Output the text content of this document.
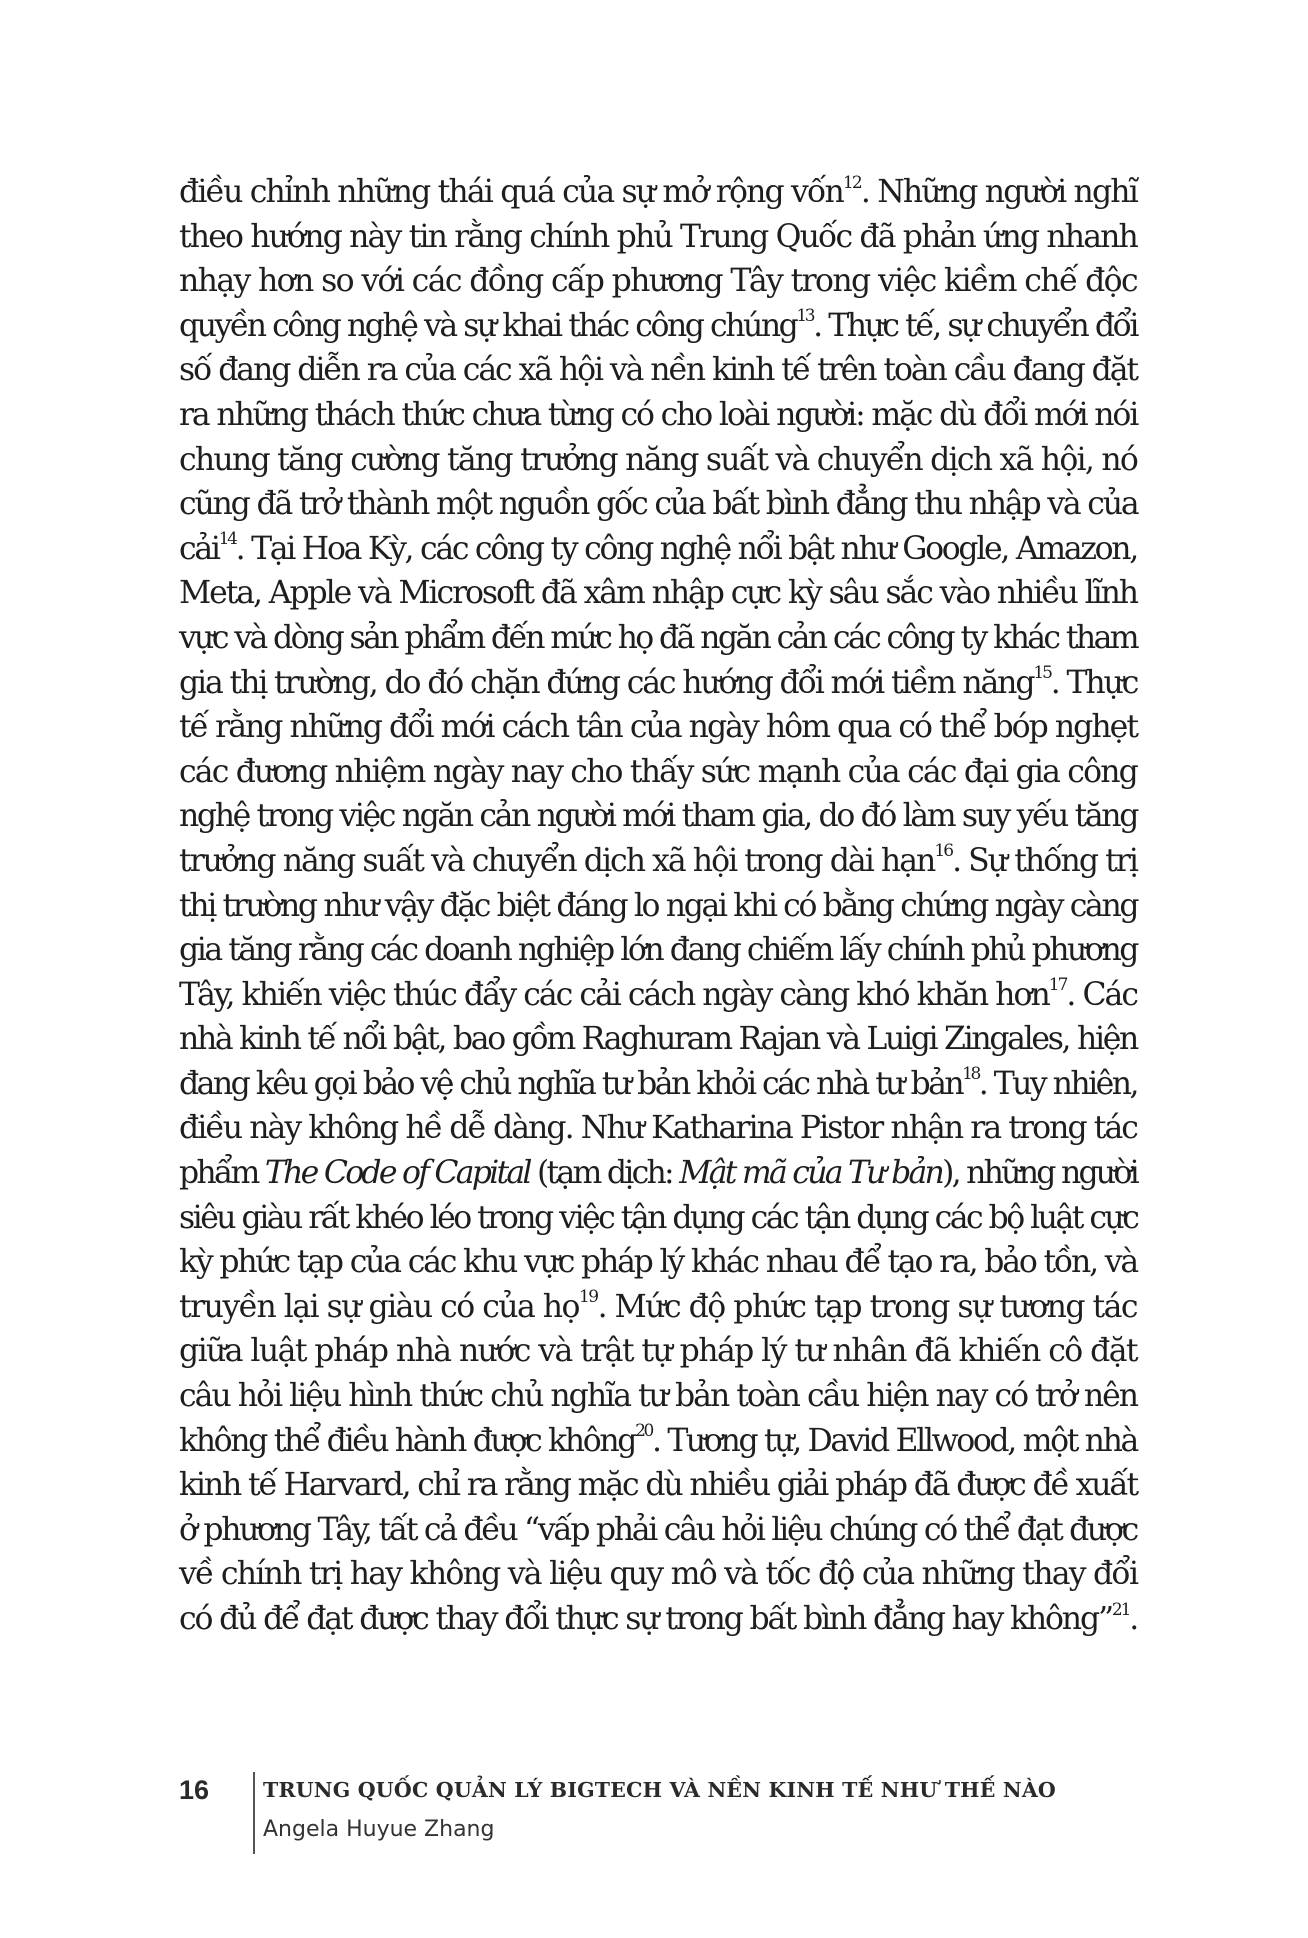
điều chỉnh những thái quá của sự mở rộng vốn$^{12}$. Những người nghĩ
theo hướng này tin rằng chính phủ Trung Quốc đã phản ứng nhanh
nhạy hơn so với các đồng cấp phương Tây trong việc kiềm chế độc
quyền công nghệ và sự khai thác công chúng$^{13}$. Thực tế, sự chuyển đổi
số đang diễn ra của các xã hội và nền kinh tế trên toàn cầu đang đặt
ra những thách thức chưa từng có cho loài người: mặc dù đổi mới nói
chung tăng cường tăng trưởng năng suất và chuyển dịch xã hội, nó
cũng đã trở thành một nguồn gốc của bất bình đẳng thu nhập và của
cải$^{14}$. Tại Hoa Kỳ, các công ty công nghệ nổi bật như Google, Amazon,
Meta, Apple và Microsoft đã xâm nhập cực kỳ sâu sắc vào nhiều lĩnh
vực và dòng sản phẩm đến mức họ đã ngăn cản các công ty khác tham
gia thị trường, do đó chặn đứng các hướng đổi mới tiềm năng$^{15}$. Thực
tế rằng những đổi mới cách tân của ngày hôm qua có thể bóp nghẹt
các đương nhiệm ngày nay cho thấy sức mạnh của các đại gia công
nghệ trong việc ngăn cản người mới tham gia, do đó làm suy yếu tăng
trưởng năng suất và chuyển dịch xã hội trong dài hạn$^{16}$. Sự thống trị
thị trường như vậy đặc biệt đáng lo ngại khi có bằng chứng ngày càng
gia tăng rằng các doanh nghiệp lớn đang chiếm lấy chính phủ phương
Tây, khiến việc thúc đẩy các cải cách ngày càng khó khăn hơn$^{17}$. Các
nhà kinh tế nổi bật, bao gồm Raghuram Rajan và Luigi Zingales, hiện
đang kêu gọi bảo vệ chủ nghĩa tư bản khỏi các nhà tư bản$^{18}$. Tuy nhiên,
điều này không hề dễ dàng. Như Katharina Pistor nhận ra trong tác
phẩm The Code of Capital (tạm dịch: Mật mã của Tư bản), những người
siêu giàu rất khéo léo trong việc tận dụng các tận dụng các bộ luật cực
kỳ phức tạp của các khu vực pháp lý khác nhau để tạo ra, bảo tồn, và
truyền lại sự giàu có của họ$^{19}$. Mức độ phức tạp trong sự tương tác
giữa luật pháp nhà nước và trật tự pháp lý tư nhân đã khiến cô đặt
câu hỏi liệu hình thức chủ nghĩa tư bản toàn cầu hiện nay có trở nên
không thể điều hành được không$^{20}$. Tương tự, David Ellwood, một nhà
kinh tế Harvard, chỉ ra rằng mặc dù nhiều giải pháp đã được đề xuất
ở phương Tây, tất cả đều “vấp phải câu hỏi liệu chúng có thể đạt được
về chính trị hay không và liệu quy mô và tốc độ của những thay đổi
có đủ để đạt được thay đổi thực sự trong bất bình đẳng hay không”$^{21}$.
16	TRUNG QUỐC QUẢN LÝ BIGTECH VÀ NỀN KINH TẾ NHƯ THẾ NÀO
Angela Huyue Zhang
